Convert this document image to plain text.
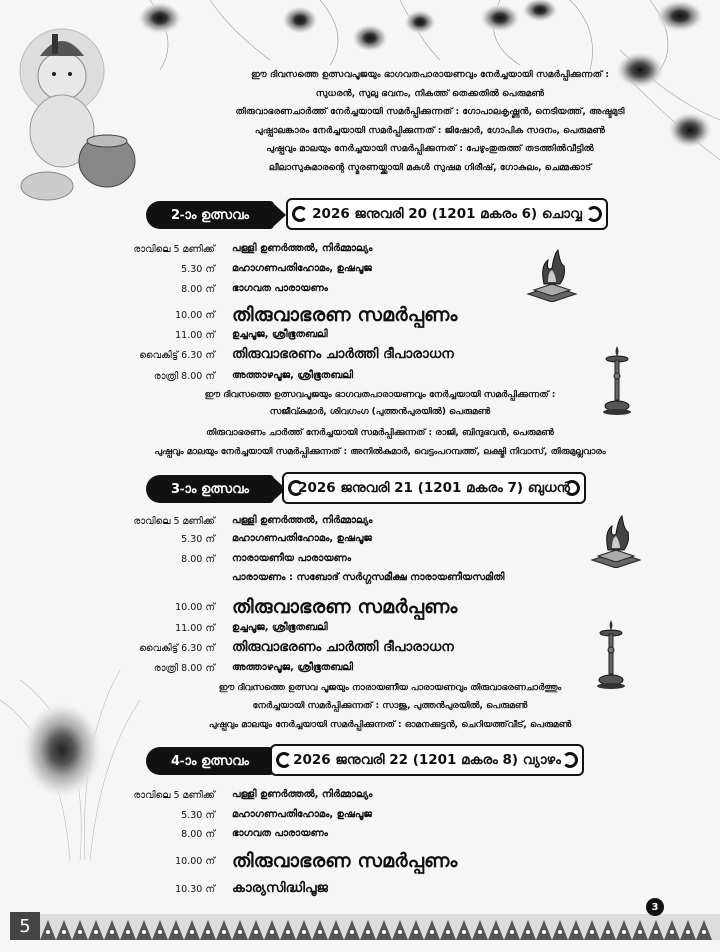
ഈ ദിവസത്തെ ഉത്സവപൂജയും ഭാഗവതപാരായണവും നേർച്ചയായി സമർപ്പിക്കുന്നത് :

സുധരൻ, സുലു ഭവനം, നികത്ത് തെക്കതിൽ പെരുമൺ

തിരുവാഭരണചാർത്ത് നേർച്ചയായി സമർപ്പിക്കുന്നത് : ഗോപാലകൃഷ്ണൻ, നെടിയത്ത്, അഷ്ടമുടി

പുഷ്പാലങ്കാരം നേർച്ചയായി സമർപ്പിക്കുന്നത് : ജിഷോർ, ഗോപിക സദനം, പെരുമൺ

പുഷ്പവും മാലയും നേർച്ചയായി സമർപ്പിക്കുന്നത് : പേഴുംതുരുത്ത് തടത്തിൽവീട്ടിൽ

ലീലാസുകുമാരന്റെ സ്മരണയ്ക്കായി മകൾ സുഷമ ഗിരീഷ്, ഗോകുലം, ചെമ്മക്കാട്

2-ാം ഉത്സവം	2026 ജനുവരി 20 (1201 മകരം 6) ചൊവ്വ
രാവിലെ 5 മണിക്ക് പള്ളി ഉണർത്തൽ, നിർമ്മാല്യം
5.30 ന് മഹാഗണപതിഹോമം, ഉഷപൂജ
8.00 ന് ഭാഗവത പാരായണം
10.00 ന് തിരുവാഭരണ സമർപ്പണം
11.00 ന് ഉച്ചപൂജ, ശ്രീഭൂതബലി
വൈകിട്ട് 6.30 ന് തിരുവാഭരണം ചാർത്തി ദീപാരാധന
രാത്രി 8.00 ന് അത്താഴപൂജ, ശ്രീഭൂതബലി
ഈ ദിവസത്തെ ഉത്സവപൂജയും ഭാഗവതപാരായണവും നേർച്ചയായി സമർപ്പിക്കുന്നത് :
സജീവ്കുമാർ, ശിവഗംഗ (പുത്തൻപുരയിൽ) പെരുമൺ
തിരുവാഭരണം ചാർത്ത് നേർച്ചയായി സമർപ്പിക്കുന്നത് : രാജി, ബിന്ദുഭവൻ, പെരുമൺ
പുഷ്പവും മാലയും നേർച്ചയായി സമർപ്പിക്കുന്നത് : അനിൽകുമാർ, വെട്ടംപറമ്പത്ത്, ലക്ഷ്മി നിവാസ്, തിരുമുല്ലവാരം
3-ാം ഉത്സവം	2026 ജനുവരി 21 (1201 മകരം 7) ബുധൻ
രാവിലെ 5 മണിക്ക് പള്ളി ഉണർത്തൽ, നിർമ്മാല്യം
5.30 ന് മഹാഗണപതിഹോമം, ഉഷപൂജ
8.00 ന് നാരായണീയ പാരായണം
പാരായണം : സബോദ് സർഗ്ഗസമീക്ഷ നാരായണീയസമിതി
10.00 ന് തിരുവാഭരണ സമർപ്പണം
11.00 ന് ഉച്ചപൂജ, ശ്രീഭൂതബലി
വൈകിട്ട് 6.30 ന് തിരുവാഭരണം ചാർത്തി ദീപാരാധന
രാത്രി 8.00 ന് അത്താഴപൂജ, ശ്രീഭൂതബലി
ഈ ദിവസത്തെ ഉത്സവ പൂജയും നാരായണീയ പാരായണവും തിരുവാഭരണചാർത്തും
നേർച്ചയായി സമർപ്പിക്കുന്നത് : സാജു, പുത്തൻപുരയിൽ, പെരുമൺ
പുഷ്പവും മാലയും നേർച്ചയായി സമർപ്പിക്കുന്നത് : ഓമനക്കുട്ടൻ, ചെറിയത്ത്‌വീട്, പെരുമൺ
4-ാം ഉത്സവം	2026 ജനുവരി 22 (1201 മകരം 8) വ്യാഴം
രാവിലെ 5 മണിക്ക് പള്ളി ഉണർത്തൽ, നിർമ്മാല്യം
5.30 ന് മഹാഗണപതിഹോമം, ഉഷപൂജ
8.00 ന് ഭാഗവത പാരായണം
10.00 ന് തിരുവാഭരണ സമർപ്പണം
10.30 ന് കാര്യസിദ്ധിപൂജ
5
3
